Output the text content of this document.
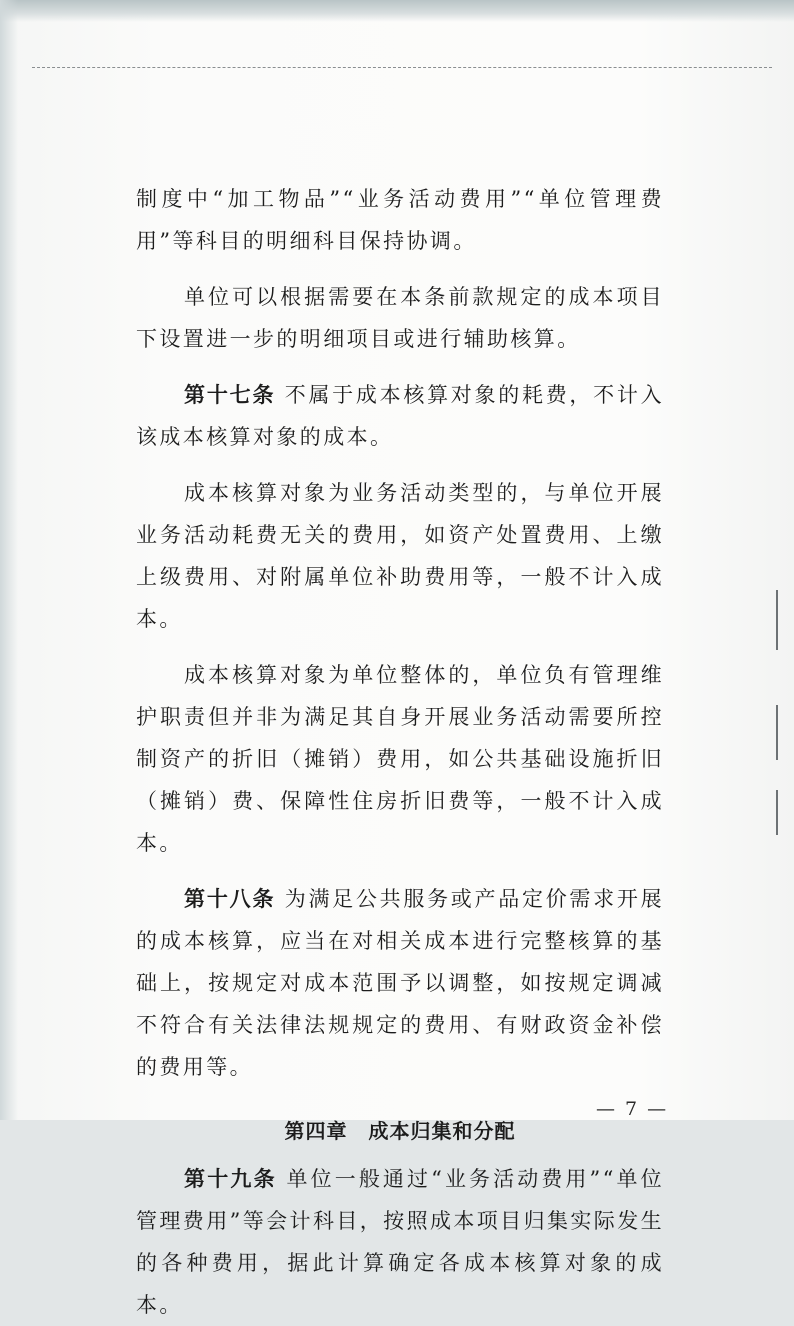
制度中“加工物品”“业务活动费用”“单位管理费用”等科目的明细科目保持协调。

单位可以根据需要在本条前款规定的成本项目下设置进一步的明细项目或进行辅助核算。

第十七条 不属于成本核算对象的耗费，不计入该成本核算对象的成本。

成本核算对象为业务活动类型的，与单位开展业务活动耗费无关的费用，如资产处置费用、上缴上级费用、对附属单位补助费用等，一般不计入成本。

成本核算对象为单位整体的，单位负有管理维护职责但并非为满足其自身开展业务活动需要所控制资产的折旧（摊销）费用，如公共基础设施折旧（摊销）费、保障性住房折旧费等，一般不计入成本。

第十八条 为满足公共服务或产品定价需求开展的成本核算，应当在对相关成本进行完整核算的基础上，按规定对成本范围予以调整，如按规定调减不符合有关法律法规规定的费用、有财政资金补偿的费用等。

第四章　成本归集和分配

第十九条 单位一般通过“业务活动费用”“单位管理费用”等会计科目，按照成本项目归集实际发生的各种费用，据此计算确定各成本核算对象的成本。

— 7 —
